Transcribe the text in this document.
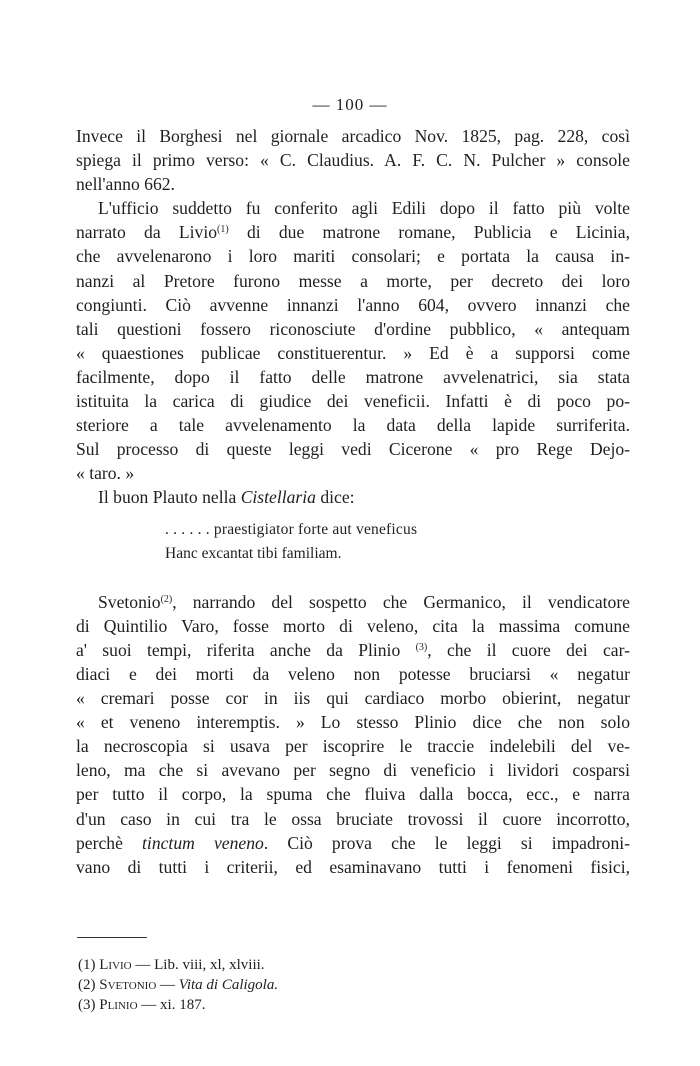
— 100 —
Invece il Borghesi nel giornale arcadico Nov. 1825, pag. 228, così
spiega il primo verso: « C. Claudius. A. F. C. N. Pulcher » console
nell'anno 662.
L'ufficio suddetto fu conferito agli Edili dopo il fatto più volte
narrato da Livio$^{(1)}$ di due matrone romane, Publicia e Licinia,
che avvelenarono i loro mariti consolari; e portata la causa in-
nanzi al Pretore furono messe a morte, per decreto dei loro
congiunti. Ciò avvenne innanzi l'anno 604, ovvero innanzi che
tali questioni fossero riconosciute d'ordine pubblico, « antequam
« quaestiones publicae constituerentur. » Ed è a supporsi come
facilmente, dopo il fatto delle matrone avvelenatrici, sia stata
istituita la carica di giudice dei veneficii. Infatti è di poco po-
steriore a tale avvelenamento la data della lapide surriferita.
Sul processo di queste leggi vedi Cicerone « pro Rege Dejo-
« taro. »
Il buon Plauto nella Cistellaria dice:
. . . . . . praestigiator forte aut veneficus
Hanc excantat tibi familiam.
Svetonio$^{(2)}$, narrando del sospetto che Germanico, il vendicatore
di Quintilio Varo, fosse morto di veleno, cita la massima comune
a' suoi tempi, riferita anche da Plinio $^{(3)}$, che il cuore dei car-
diaci e dei morti da veleno non potesse bruciarsi « negatur
« cremari posse cor in iis qui cardiaco morbo obierint, negatur
« et veneno interemptis. » Lo stesso Plinio dice che non solo
la necroscopia si usava per iscoprire le traccie indelebili del ve-
leno, ma che si avevano per segno di veneficio i lividori cosparsi
per tutto il corpo, la spuma che fluiva dalla bocca, ecc., e narra
d'un caso in cui tra le ossa bruciate trovossi il cuore incorrotto,
perchè tinctum veneno. Ciò prova che le leggi si impadroni-
vano di tutti i criterii, ed esaminavano tutti i fenomeni fisici,
(1) Livio — Lib. viii, xl, xlviii.
(2) Svetonio — Vita di Caligola.
(3) Plinio — xi. 187.
